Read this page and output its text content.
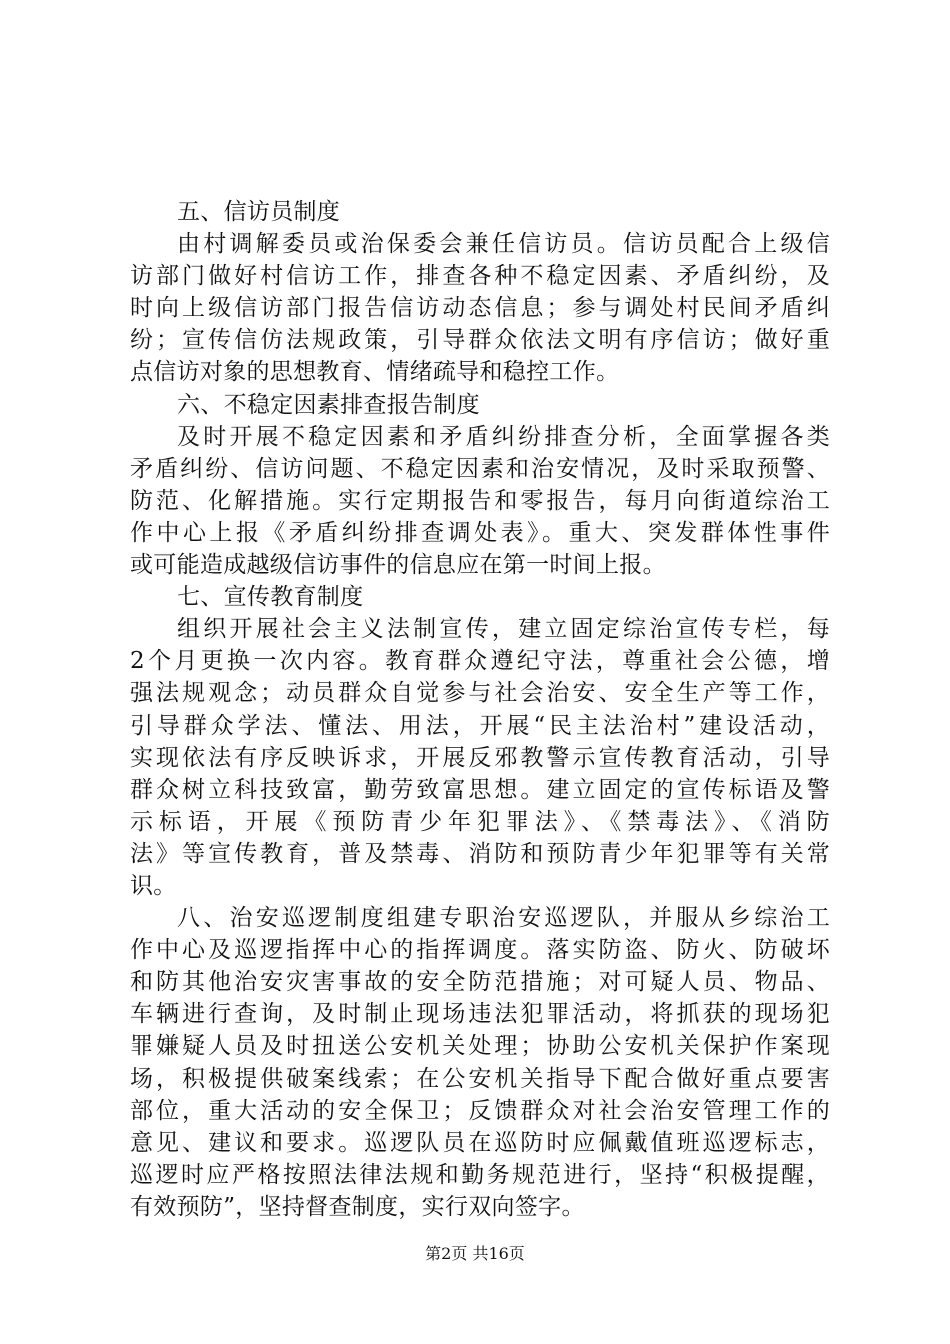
五、信访员制度
由村调解委员或治保委会兼任信访员。信访员配合上级信
访部门做好村信访工作，排查各种不稳定因素、矛盾纠纷，及
时向上级信访部门报告信访动态信息；参与调处村民间矛盾纠
纷；宣传信仿法规政策，引导群众依法文明有序信访；做好重
点信访对象的思想教育、情绪疏导和稳控工作。
六、不稳定因素排查报告制度
及时开展不稳定因素和矛盾纠纷排查分析，全面掌握各类
矛盾纠纷、信访问题、不稳定因素和治安情况，及时采取预警、
防范、化解措施。实行定期报告和零报告，每月向街道综治工
作中心上报《矛盾纠纷排查调处表》。重大、突发群体性事件
或可能造成越级信访事件的信息应在第一时间上报。
七、宣传教育制度
组织开展社会主义法制宣传，建立固定综治宣传专栏，每
2个月更换一次内容。教育群众遵纪守法，尊重社会公德，增
强法规观念；动员群众自觉参与社会治安、安全生产等工作，
引导群众学法、懂法、用法，开展“民主法治村”建设活动，
实现依法有序反映诉求，开展反邪教警示宣传教育活动，引导
群众树立科技致富，勤劳致富思想。建立固定的宣传标语及警
示标语，开展《预防青少年犯罪法》、《禁毒法》、《消防
法》等宣传教育，普及禁毒、消防和预防青少年犯罪等有关常
识。
八、治安巡逻制度组建专职治安巡逻队，并服从乡综治工
作中心及巡逻指挥中心的指挥调度。落实防盗、防火、防破坏
和防其他治安灾害事故的安全防范措施；对可疑人员、物品、
车辆进行查询，及时制止现场违法犯罪活动，将抓获的现场犯
罪嫌疑人员及时扭送公安机关处理；协助公安机关保护作案现
场，积极提供破案线索；在公安机关指导下配合做好重点要害
部位，重大活动的安全保卫；反馈群众对社会治安管理工作的
意见、建议和要求。巡逻队员在巡防时应佩戴值班巡逻标志，
巡逻时应严格按照法律法规和勤务规范进行，坚持“积极提醒，
有效预防”，坚持督查制度，实行双向签字。
第2页 共16页
